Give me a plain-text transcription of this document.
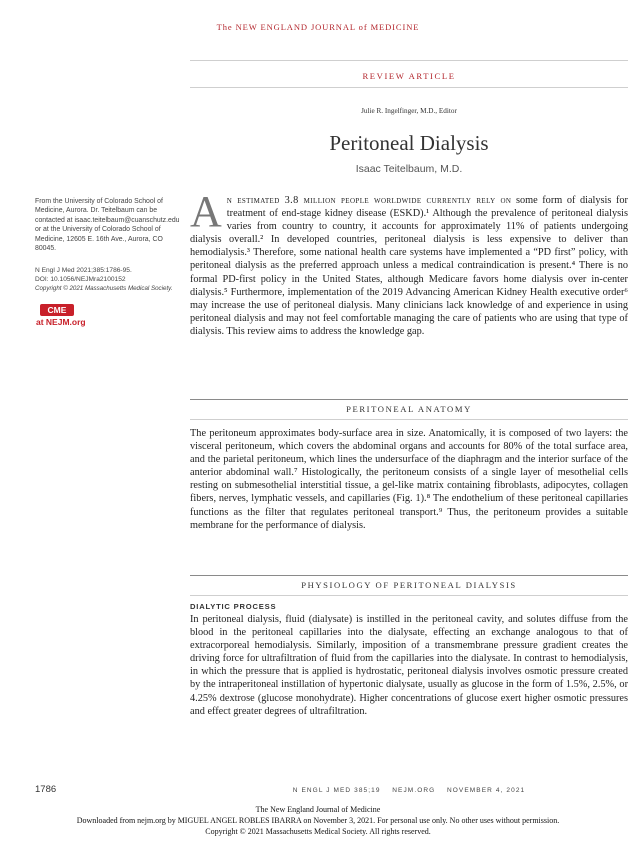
The NEW ENGLAND JOURNAL of MEDICINE
REVIEW ARTICLE
Julie R. Ingelfinger, M.D., Editor
Peritoneal Dialysis
Isaac Teitelbaum, M.D.
From the University of Colorado School of Medicine, Aurora. Dr. Teitelbaum can be contacted at isaac.teitelbaum@cuanschutz.edu or at the University of Colorado School of Medicine, 12605 E. 16th Ave., Aurora, CO 80045.
N Engl J Med 2021;385:1786-95.
DOI: 10.1056/NEJMra2100152
Copyright © 2021 Massachusetts Medical Society.
CME
at NEJM.org
An estimated 3.8 million people worldwide currently rely on some form of dialysis for treatment of end-stage kidney disease (ESKD).¹ Although the prevalence of peritoneal dialysis varies from country to country, it accounts for approximately 11% of patients undergoing dialysis overall.² In developed countries, peritoneal dialysis is less expensive to deliver than hemodialysis.³ Therefore, some national health care systems have implemented a “PD first” policy, with peritoneal dialysis as the preferred approach unless a medical contraindication is present.⁴ There is no formal PD-first policy in the United States, although Medicare favors home dialysis over in-center dialysis.⁵ Furthermore, implementation of the 2019 Advancing American Kidney Health executive order⁶ may increase the use of peritoneal dialysis. Many clinicians lack knowledge of and experience in using peritoneal dialysis and may not feel comfortable managing the care of patients who are using that type of dialysis. This review aims to address the knowledge gap.
PERITONEAL ANATOMY
The peritoneum approximates body-surface area in size. Anatomically, it is composed of two layers: the visceral peritoneum, which covers the abdominal organs and accounts for 80% of the total surface area, and the parietal peritoneum, which lines the undersurface of the diaphragm and the interior surface of the anterior abdominal wall.⁷ Histologically, the peritoneum consists of a single layer of mesothelial cells resting on submesothelial interstitial tissue, a gel-like matrix containing fibroblasts, adipocytes, collagen fibers, nerves, lymphatic vessels, and capillaries (Fig. 1).⁸ The endothelium of these peritoneal capillaries functions as the filter that regulates peritoneal transport.⁹ Thus, the peritoneum provides a suitable membrane for the performance of dialysis.
PHYSIOLOGY OF PERITONEAL DIALYSIS
DIALYTIC PROCESS
In peritoneal dialysis, fluid (dialysate) is instilled in the peritoneal cavity, and solutes diffuse from the blood in the peritoneal capillaries into the dialysate, effecting an exchange analogous to that of extracorporeal hemodialysis. Similarly, imposition of a transmembrane pressure gradient creates the driving force for ultrafiltration of fluid from the capillaries into the dialysate. In contrast to hemodialysis, in which the pressure that is applied is hydrostatic, peritoneal dialysis involves osmotic pressure created by the intraperitoneal instillation of hypertonic dialysate, usually as glucose in the form of 1.5%, 2.5%, or 4.25% dextrose (glucose monohydrate). Higher concentrations of glucose exert higher osmotic pressures and effect greater degrees of ultrafiltration.
1786	N ENGL J MED 385;19    NEJM.ORG    NOVEMBER 4, 2021
The New England Journal of Medicine
Downloaded from nejm.org by MIGUEL ANGEL ROBLES IBARRA on November 3, 2021. For personal use only. No other uses without permission.
Copyright © 2021 Massachusetts Medical Society. All rights reserved.
